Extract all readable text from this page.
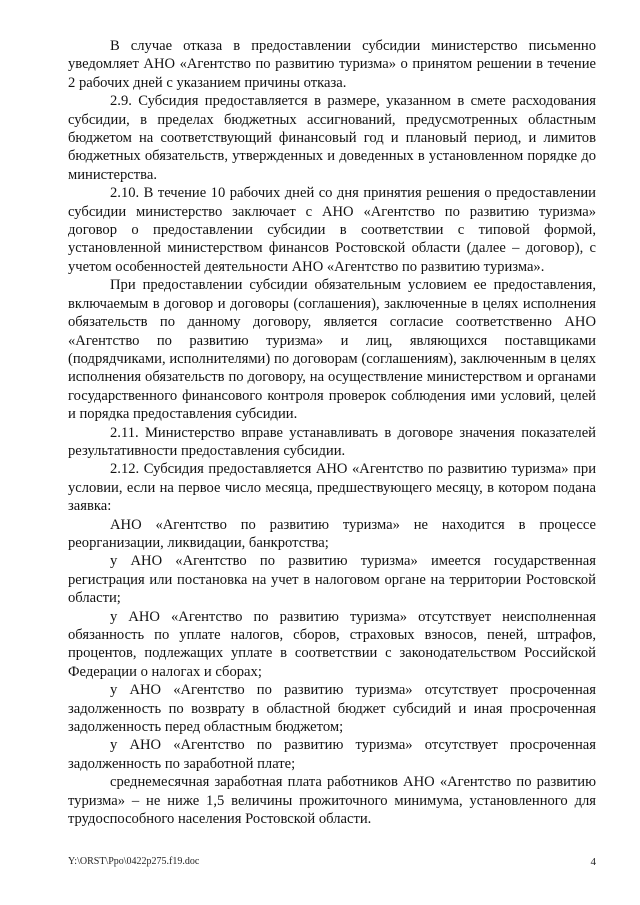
В случае отказа в предоставлении субсидии министерство письменно уведомляет АНО «Агентство по развитию туризма» о принятом решении в течение 2 рабочих дней с указанием причины отказа.

2.9. Субсидия предоставляется в размере, указанном в смете расходования субсидии, в пределах бюджетных ассигнований, предусмотренных областным бюджетом на соответствующий финансовый год и плановый период, и лимитов бюджетных обязательств, утвержденных и доведенных в установленном порядке до министерства.

2.10. В течение 10 рабочих дней со дня принятия решения о предоставлении субсидии министерство заключает с АНО «Агентство по развитию туризма» договор о предоставлении субсидии в соответствии с типовой формой, установленной министерством финансов Ростовской области (далее – договор), с учетом особенностей деятельности АНО «Агентство по развитию туризма».

При предоставлении субсидии обязательным условием ее предоставления, включаемым в договор и договоры (соглашения), заключенные в целях исполнения обязательств по данному договору, является согласие соответственно АНО «Агентство по развитию туризма» и лиц, являющихся поставщиками (подрядчиками, исполнителями) по договорам (соглашениям), заключенным в целях исполнения обязательств по договору, на осуществление министерством и органами государственного финансового контроля проверок соблюдения ими условий, целей и порядка предоставления субсидии.

2.11. Министерство вправе устанавливать в договоре значения показателей результативности предоставления субсидии.

2.12. Субсидия предоставляется АНО «Агентство по развитию туризма» при условии, если на первое число месяца, предшествующего месяцу, в котором подана заявка:

АНО «Агентство по развитию туризма» не находится в процессе реорганизации, ликвидации, банкротства;

у АНО «Агентство по развитию туризма» имеется государственная регистрация или постановка на учет в налоговом органе на территории Ростовской области;

у АНО «Агентство по развитию туризма» отсутствует неисполненная обязанность по уплате налогов, сборов, страховых взносов, пеней, штрафов, процентов, подлежащих уплате в соответствии с законодательством Российской Федерации о налогах и сборах;

у АНО «Агентство по развитию туризма» отсутствует просроченная задолженность по возврату в областной бюджет субсидий и иная просроченная задолженность перед областным бюджетом;

у АНО «Агентство по развитию туризма» отсутствует просроченная задолженность по заработной плате;

среднемесячная заработная плата работников АНО «Агентство по развитию туризма» – не ниже 1,5 величины прожиточного минимума, установленного для трудоспособного населения Ростовской области.

Y:\ORST\Ppo\0422p275.f19.doc	4
